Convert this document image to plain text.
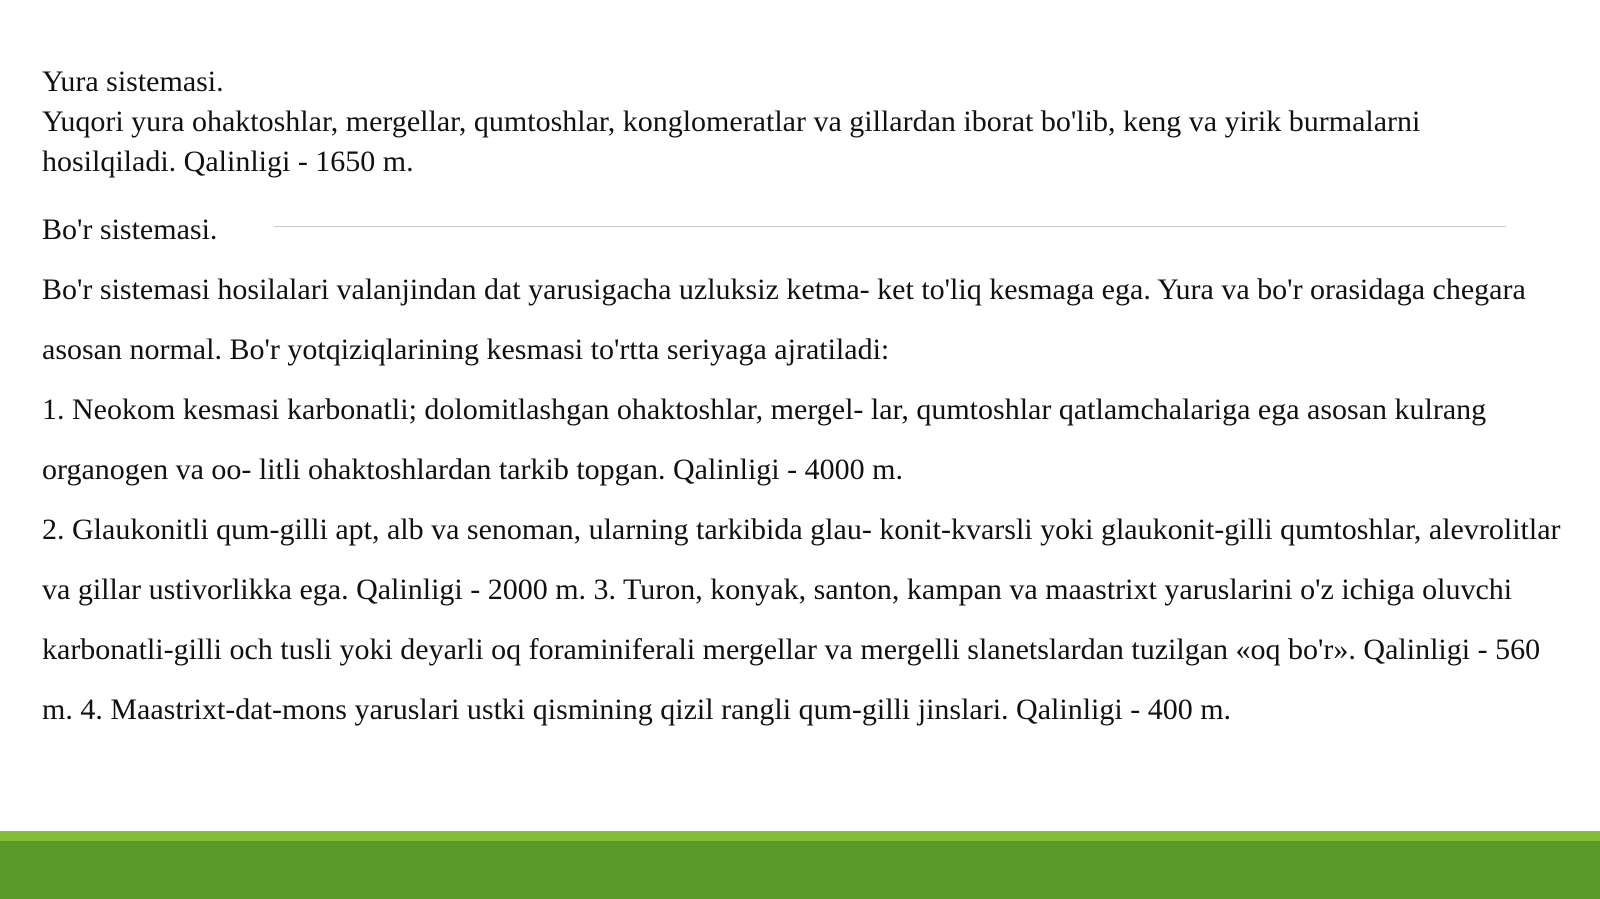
Yura sistemasi.

Yuqori yura ohaktoshlar, mergellar, qumtoshlar, konglomeratlar va gillardan iborat bo'lib, keng va yirik burmalarni hosilqiladi. Qalinligi - 1650 m.

Bo'r sistemasi.

Bo'r sistemasi hosilalari valanjindan dat yarusigacha uzluksiz ketma- ket to'liq kesmaga ega. Yura va bo'r orasidaga chegara asosan normal. Bo'r yotqiziqlarining kesmasi to'rtta seriyaga ajratiladi:

1. Neokom kesmasi karbonatli; dolomitlashgan ohaktoshlar, mergel- lar, qumtoshlar qatlamchalariga ega asosan kulrang organogen va oo- litli ohaktoshlardan tarkib topgan. Qalinligi - 4000 m.

2. Glaukonitli qum-gilli apt, alb va senoman, ularning tarkibida glau- konit-kvarsli yoki glaukonit-gilli qumtoshlar, alevrolitlar va gillar ustivorlikka ega. Qalinligi - 2000 m. 3. Turon, konyak, santon, kampan va maastrixt yaruslarini o'z ichiga oluvchi karbonatli-gilli och tusli yoki deyarli oq foraminiferali mergellar va mergelli slanetslardan tuzilgan «oq bo'r». Qalinligi - 560 m. 4. Maastrixt-dat-mons yaruslari ustki qismining qizil rangli qum-gilli jinslari. Qalinligi - 400 m.
